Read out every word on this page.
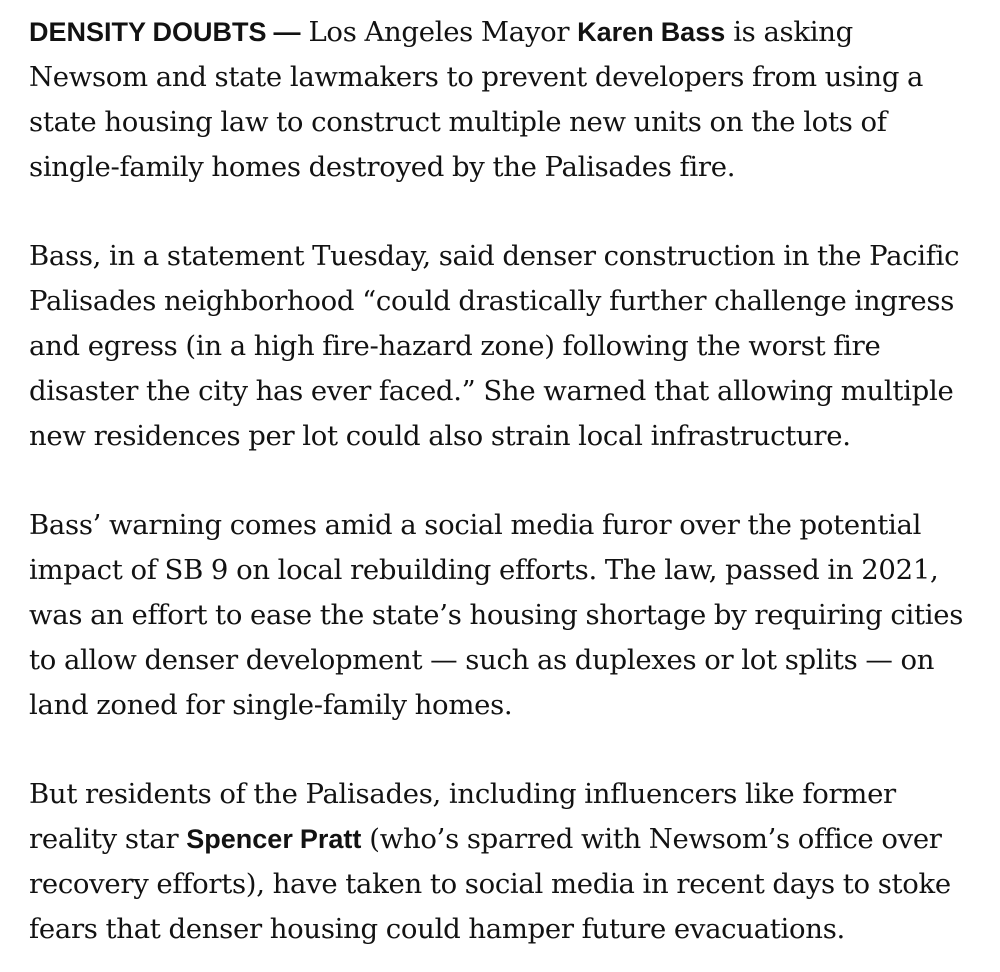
DENSITY DOUBTS — Los Angeles Mayor Karen Bass is asking Newsom and state lawmakers to prevent developers from using a state housing law to construct multiple new units on the lots of single-family homes destroyed by the Palisades fire.

Bass, in a statement Tuesday, said denser construction in the Pacific Palisades neighborhood “could drastically further challenge ingress and egress (in a high fire-hazard zone) following the worst fire disaster the city has ever faced.” She warned that allowing multiple new residences per lot could also strain local infrastructure.

Bass’ warning comes amid a social media furor over the potential impact of SB 9 on local rebuilding efforts. The law, passed in 2021, was an effort to ease the state’s housing shortage by requiring cities to allow denser development — such as duplexes or lot splits — on land zoned for single-family homes.

But residents of the Palisades, including influencers like former reality star Spencer Pratt (who’s sparred with Newsom’s office over recovery efforts), have taken to social media in recent days to stoke fears that denser housing could hamper future evacuations.
